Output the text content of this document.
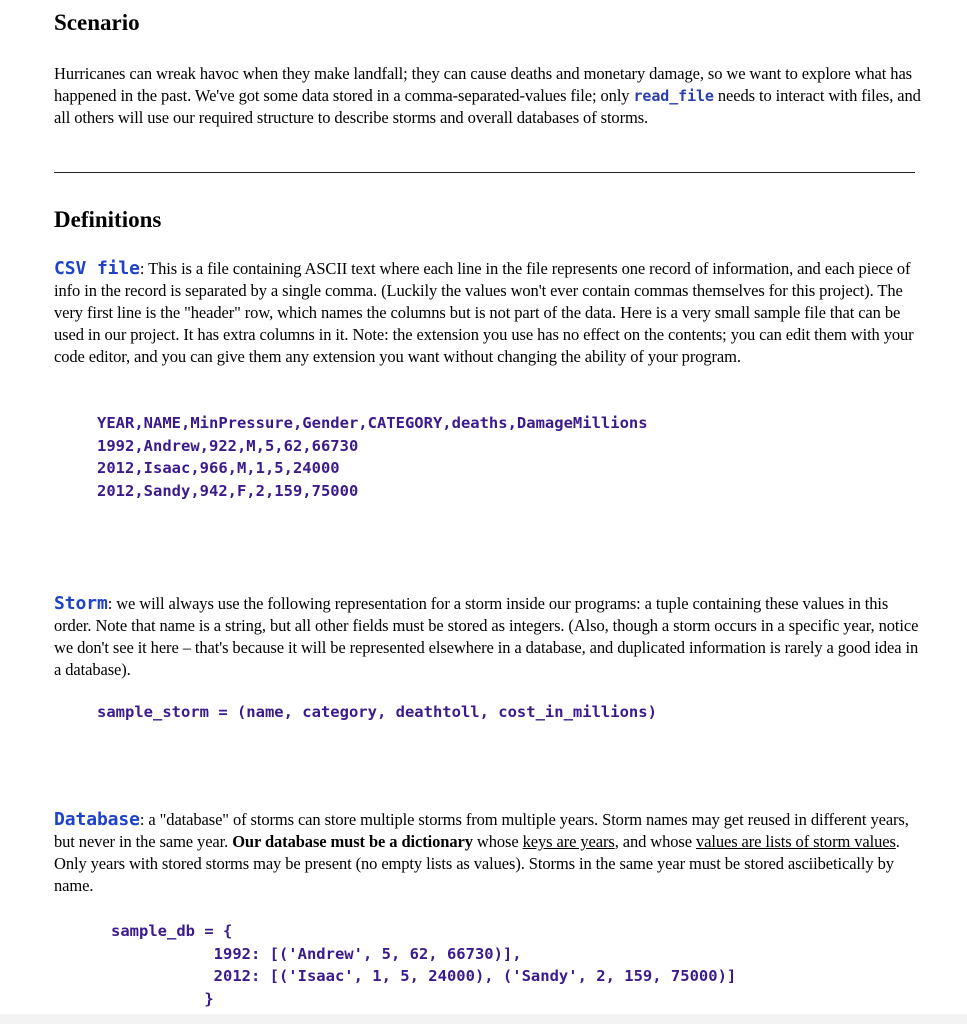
Scenario

Hurricanes can wreak havoc when they make landfall; they can cause deaths and monetary damage, so we want to explore what has happened in the past. We've got some data stored in a comma-separated-values file; only read_file needs to interact with files, and all others will use our required structure to describe storms and overall databases of storms.

Definitions

CSV file: This is a file containing ASCII text where each line in the file represents one record of information, and each piece of info in the record is separated by a single comma. (Luckily the values won't ever contain commas themselves for this project). The very first line is the "header" row, which names the columns but is not part of the data. Here is a very small sample file that can be used in our project. It has extra columns in it. Note: the extension you use has no effect on the contents; you can edit them with your code editor, and you can give them any extension you want without changing the ability of your program.

YEAR,NAME,MinPressure,Gender,CATEGORY,deaths,DamageMillions
1992,Andrew,922,M,5,62,66730
2012,Isaac,966,M,1,5,24000
2012,Sandy,942,F,2,159,75000

Storm: we will always use the following representation for a storm inside our programs: a tuple containing these values in this order. Note that name is a string, but all other fields must be stored as integers. (Also, though a storm occurs in a specific year, notice we don't see it here – that's because it will be represented elsewhere in a database, and duplicated information is rarely a good idea in a database).

sample_storm = (name, category, deathtoll, cost_in_millions)

Database: a "database" of storms can store multiple storms from multiple years. Storm names may get reused in different years, but never in the same year. Our database must be a dictionary whose keys are years, and whose values are lists of storm values. Only years with stored storms may be present (no empty lists as values). Storms in the same year must be stored asciibetically by name.

sample_db = {
1992: [('Andrew', 5, 62, 66730)],
2012: [('Isaac', 1, 5, 24000), ('Sandy', 2, 159, 75000)]
}
